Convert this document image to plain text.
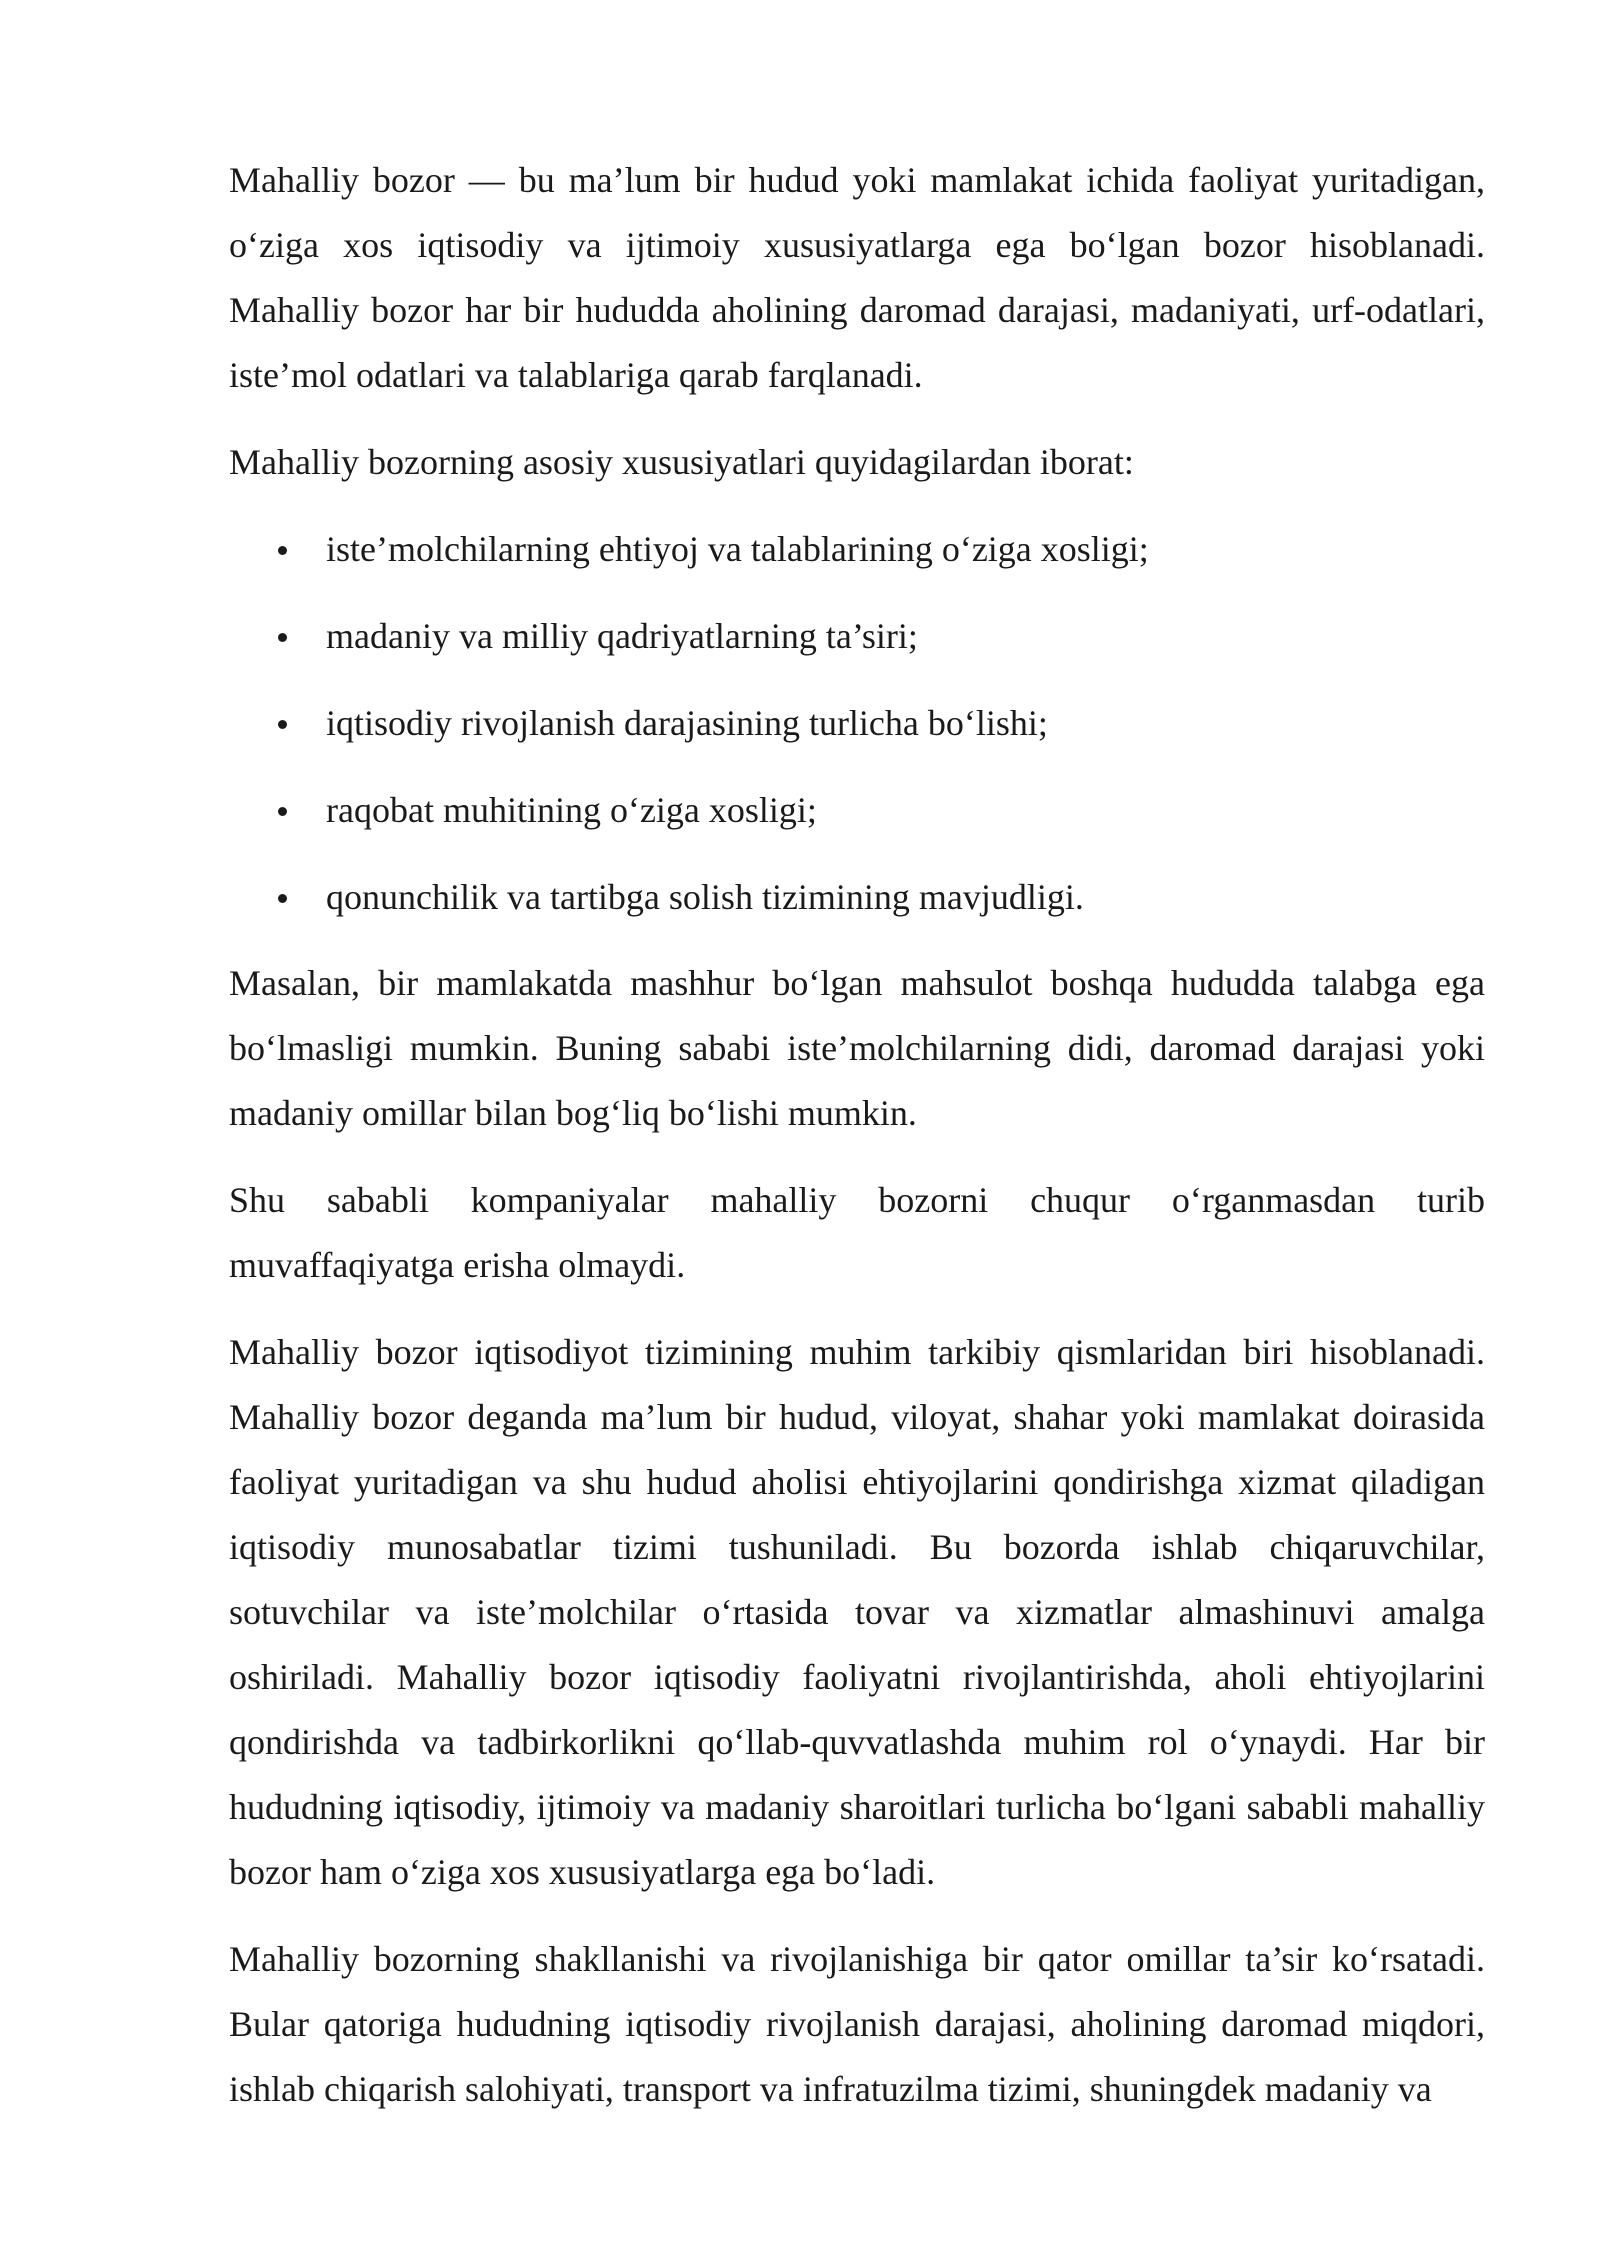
Mahalliy bozor — bu ma’lum bir hudud yoki mamlakat ichida faoliyat yuritadigan, o‘ziga xos iqtisodiy va ijtimoiy xususiyatlarga ega bo‘lgan bozor hisoblanadi. Mahalliy bozor har bir hududda aholining daromad darajasi, madaniyati, urf-odatlari, iste’mol odatlari va talablariga qarab farqlanadi.

Mahalliy bozorning asosiy xususiyatlari quyidagilardan iborat:

iste’molchilarning ehtiyoj va talablarining o‘ziga xosligi;
madaniy va milliy qadriyatlarning ta’siri;
iqtisodiy rivojlanish darajasining turlicha bo‘lishi;
raqobat muhitining o‘ziga xosligi;
qonunchilik va tartibga solish tizimining mavjudligi.

Masalan, bir mamlakatda mashhur bo‘lgan mahsulot boshqa hududda talabga ega bo‘lmasligi mumkin. Buning sababi iste’molchilarning didi, daromad darajasi yoki madaniy omillar bilan bog‘liq bo‘lishi mumkin.

Shu sababli kompaniyalar mahalliy bozorni chuqur o‘rganmasdan turib muvaffaqiyatga erisha olmaydi.

Mahalliy bozor iqtisodiyot tizimining muhim tarkibiy qismlaridan biri hisoblanadi. Mahalliy bozor deganda ma’lum bir hudud, viloyat, shahar yoki mamlakat doirasida faoliyat yuritadigan va shu hudud aholisi ehtiyojlarini qondirishga xizmat qiladigan iqtisodiy munosabatlar tizimi tushuniladi. Bu bozorda ishlab chiqaruvchilar, sotuvchilar va iste’molchilar o‘rtasida tovar va xizmatlar almashinuvi amalga oshiriladi. Mahalliy bozor iqtisodiy faoliyatni rivojlantirishda, aholi ehtiyojlarini qondirishda va tadbirkorlikni qo‘llab-quvvatlashda muhim rol o‘ynaydi. Har bir hududning iqtisodiy, ijtimoiy va madaniy sharoitlari turlicha bo‘lgani sababli mahalliy bozor ham o‘ziga xos xususiyatlarga ega bo‘ladi.

Mahalliy bozorning shakllanishi va rivojlanishiga bir qator omillar ta’sir ko‘rsatadi. Bular qatoriga hududning iqtisodiy rivojlanish darajasi, aholining daromad miqdori, ishlab chiqarish salohiyati, transport va infratuzilma tizimi, shuningdek madaniy va
